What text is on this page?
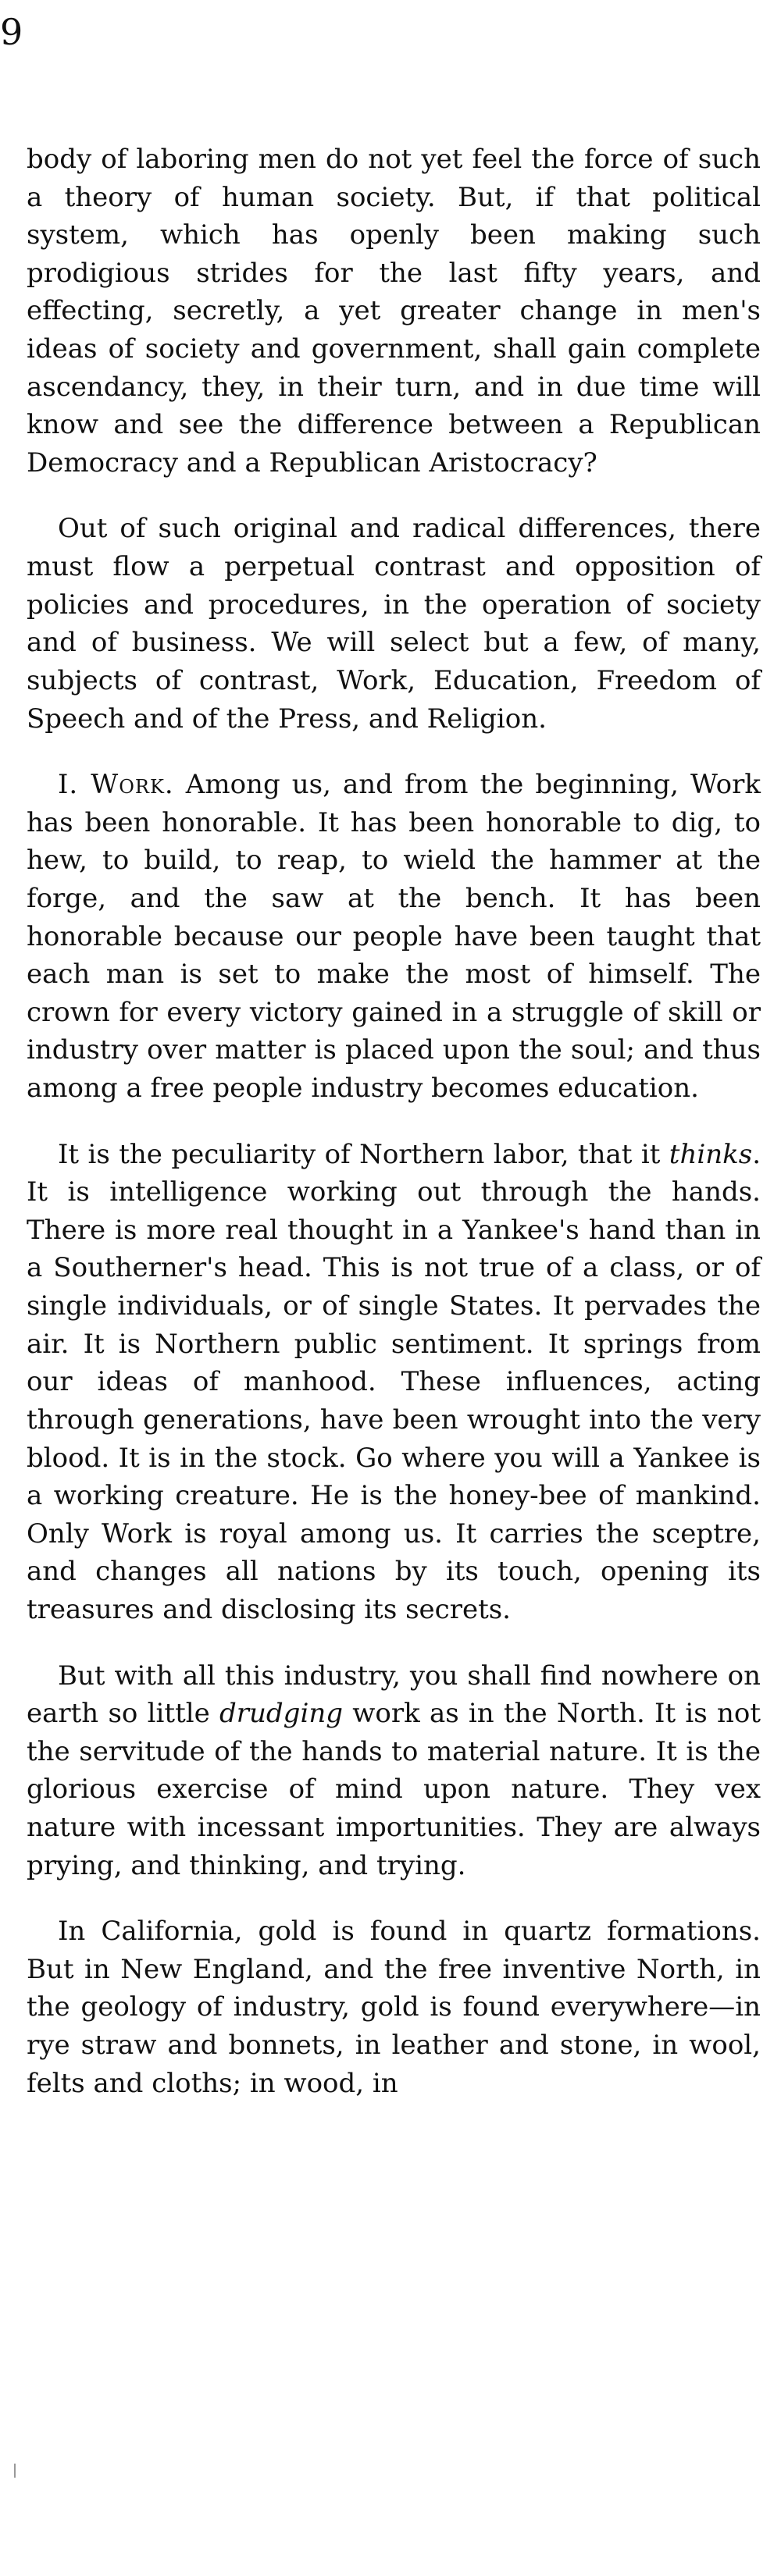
9

body of laboring men do not yet feel the force of such a theory of human society. But, if that political system, which has openly been making such prodigious strides for the last fifty years, and effecting, secretly, a yet greater change in men's ideas of society and government, shall gain complete ascendancy, they, in their turn, and in due time will know and see the difference between a Republican Democracy and a Republican Aristocracy?

Out of such original and radical differences, there must flow a perpetual contrast and opposition of policies and procedures, in the operation of society and of business. We will select but a few, of many, subjects of contrast, Work, Education, Freedom of Speech and of the Press, and Religion.

I. Work. Among us, and from the beginning, Work has been honorable. It has been honorable to dig, to hew, to build, to reap, to wield the hammer at the forge, and the saw at the bench. It has been honorable because our people have been taught that each man is set to make the most of himself. The crown for every victory gained in a struggle of skill or industry over matter is placed upon the soul; and thus among a free people industry becomes education.

It is the peculiarity of Northern labor, that it thinks. It is intelligence working out through the hands. There is more real thought in a Yankee's hand than in a Southerner's head. This is not true of a class, or of single individuals, or of single States. It pervades the air. It is Northern public sentiment. It springs from our ideas of manhood. These influences, acting through generations, have been wrought into the very blood. It is in the stock. Go where you will a Yankee is a working creature. He is the honey-bee of mankind. Only Work is royal among us. It carries the sceptre, and changes all nations by its touch, opening its treasures and disclosing its secrets.

But with all this industry, you shall find nowhere on earth so little drudging work as in the North. It is not the servitude of the hands to material nature. It is the glorious exercise of mind upon nature. They vex nature with incessant importunities. They are always prying, and thinking, and trying.

In California, gold is found in quartz formations. But in New England, and the free inventive North, in the geology of industry, gold is found everywhere—in rye straw and bonnets, in leather and stone, in wool, felts and cloths; in wood, in
